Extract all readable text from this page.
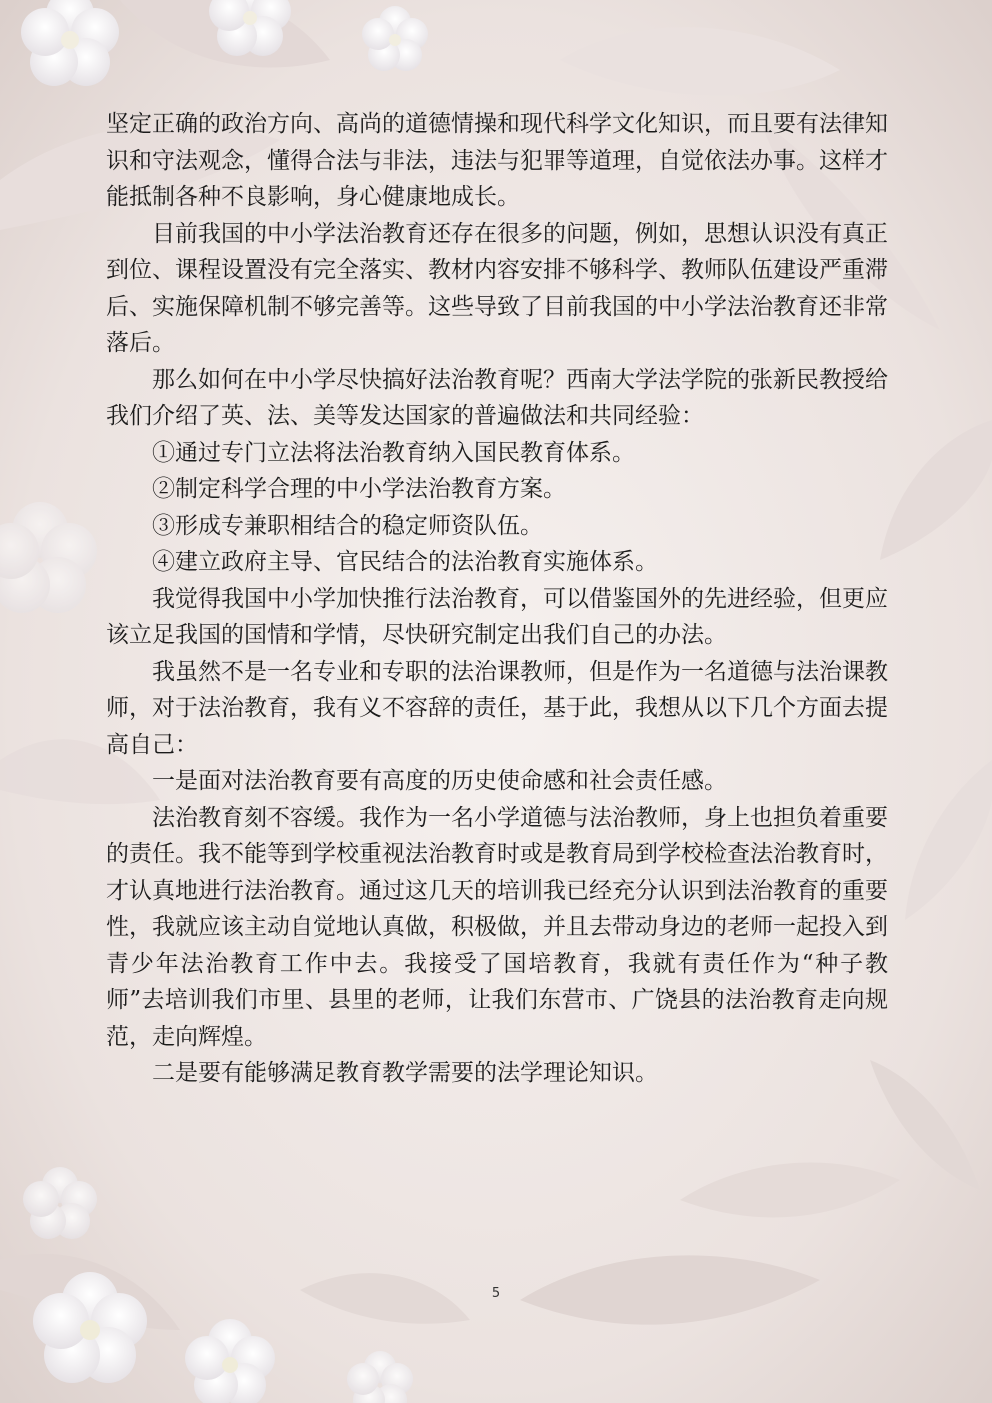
坚定正确的政治方向、高尚的道德情操和现代科学文化知识，而且要有法律知识和守法观念，懂得合法与非法，违法与犯罪等道理，自觉依法办事。这样才能抵制各种不良影响，身心健康地成长。

目前我国的中小学法治教育还存在很多的问题，例如，思想认识没有真正到位、课程设置没有完全落实、教材内容安排不够科学、教师队伍建设严重滞后、实施保障机制不够完善等。这些导致了目前我国的中小学法治教育还非常落后。

那么如何在中小学尽快搞好法治教育呢？西南大学法学院的张新民教授给我们介绍了英、法、美等发达国家的普遍做法和共同经验：

①通过专门立法将法治教育纳入国民教育体系。

②制定科学合理的中小学法治教育方案。

③形成专兼职相结合的稳定师资队伍。

④建立政府主导、官民结合的法治教育实施体系。

我觉得我国中小学加快推行法治教育，可以借鉴国外的先进经验，但更应该立足我国的国情和学情，尽快研究制定出我们自己的办法。

我虽然不是一名专业和专职的法治课教师，但是作为一名道德与法治课教师，对于法治教育，我有义不容辞的责任，基于此，我想从以下几个方面去提高自己：

一是面对法治教育要有高度的历史使命感和社会责任感。

法治教育刻不容缓。我作为一名小学道德与法治教师，身上也担负着重要的责任。我不能等到学校重视法治教育时或是教育局到学校检查法治教育时，才认真地进行法治教育。通过这几天的培训我已经充分认识到法治教育的重要性，我就应该主动自觉地认真做，积极做，并且去带动身边的老师一起投入到青少年法治教育工作中去。我接受了国培教育，我就有责任作为“种子教师”去培训我们市里、县里的老师，让我们东营市、广饶县的法治教育走向规范，走向辉煌。

二是要有能够满足教育教学需要的法学理论知识。

5
